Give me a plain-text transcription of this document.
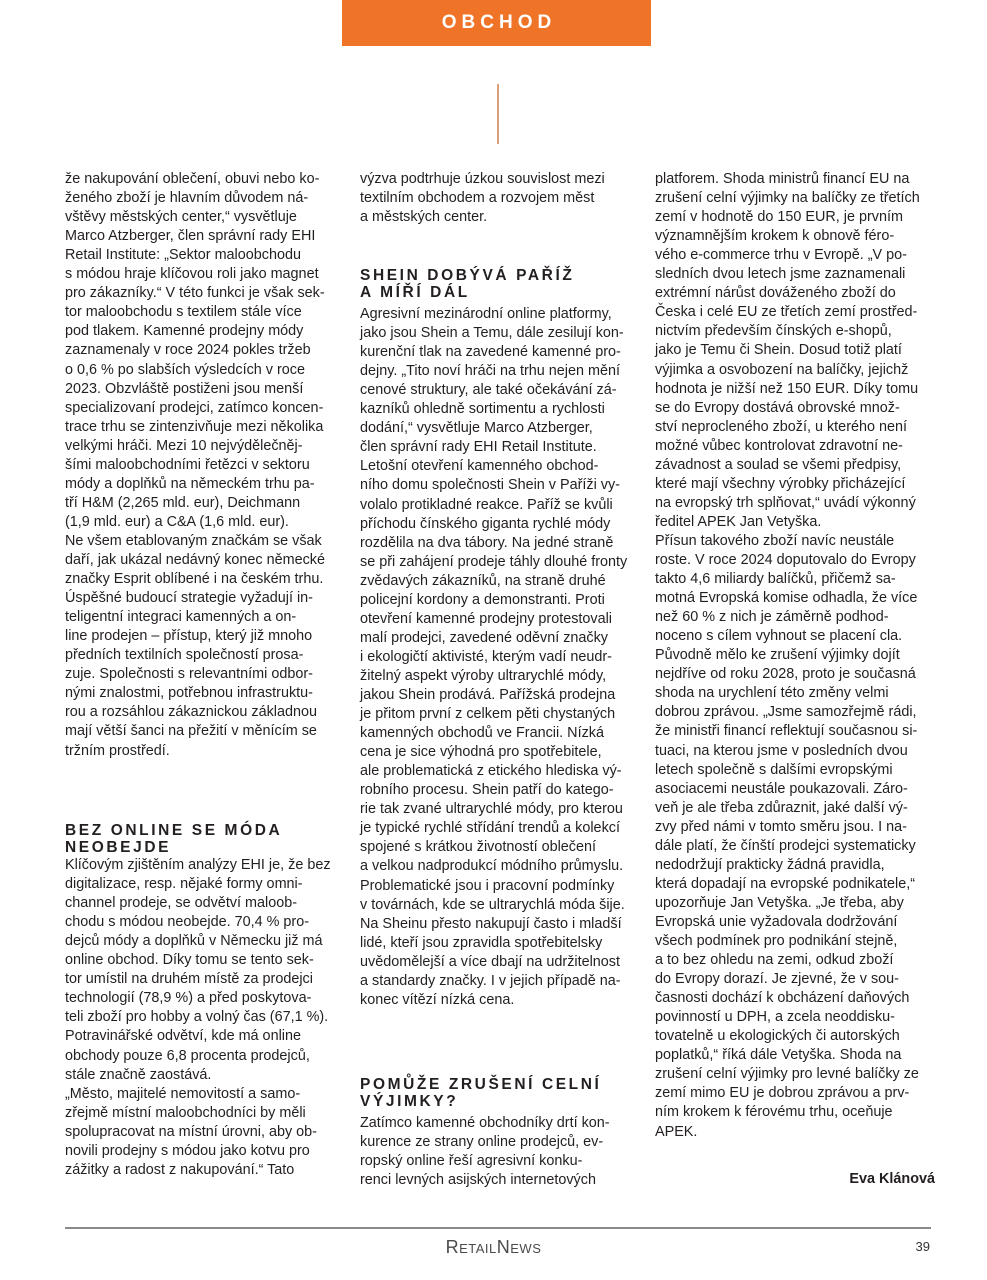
OBCHOD
že nakupování oblečení, obuvi nebo ko-
ženého zboží je hlavním důvodem ná-
vštěvy městských center,“ vysvětluje
Marco Atzberger, člen správní rady EHI
Retail Institute: „Sektor maloobchodu
s módou hraje klíčovou roli jako magnet
pro zákazníky.“ V této funkci je však sek-
tor maloobchodu s textilem stále více
pod tlakem. Kamenné prodejny módy
zaznamenaly v roce 2024 pokles tržeb
o 0,6 % po slabších výsledcích v roce
2023. Obzvláště postiženi jsou menší
specializovaní prodejci, zatímco koncen-
trace trhu se zintenzivňuje mezi několika
velkými hráči. Mezi 10 nejvýdělečněj-
šími maloobchodními řetězci v sektoru
módy a doplňků na německém trhu pa-
tří H&M (2,265 mld. eur), Deichmann
(1,9 mld. eur) a C&A (1,6 mld. eur).
Ne všem etablovaným značkám se však
daří, jak ukázal nedávný konec německé
značky Esprit oblíbené i na českém trhu.
Úspěšné budoucí strategie vyžadují in-
teligentní integraci kamenných a on-
line prodejen – přístup, který již mnoho
předních textilních společností prosa-
zuje. Společnosti s relevantními odbor-
nými znalostmi, potřebnou infrastruktu-
rou a rozsáhlou zákaznickou základnou
mají větší šanci na přežití v měnícím se
tržním prostředí.
BEZ ONLINE SE MÓDA
NEOBEJDE
Klíčovým zjištěním analýzy EHI je, že bez
digitalizace, resp. nějaké formy omni-
channel prodeje, se odvětví maloob-
chodu s módou neobejde. 70,4 % pro-
dejců módy a doplňků v Německu již má
online obchod. Díky tomu se tento sek-
tor umístil na druhém místě za prodejci
technologií (78,9 %) a před poskytova-
teli zboží pro hobby a volný čas (67,1 %).
Potravinářské odvětví, kde má online
obchody pouze 6,8 procenta prodejců,
stále značně zaostává.
„Město, majitelé nemovitostí a samo-
zřejmě místní maloobchodníci by měli
spolupracovat na místní úrovni, aby ob-
novili prodejny s módou jako kotvu pro
zážitky a radost z nakupování.“ Tato
výzva podtrhuje úzkou souvislost mezi
textilním obchodem a rozvojem měst
a městských center.
SHEIN DOBÝVÁ PAŘÍŽ
A MÍŘÍ DÁL
Agresivní mezinárodní online platformy,
jako jsou Shein a Temu, dále zesilují kon-
kurenční tlak na zavedené kamenné pro-
dejny. „Tito noví hráči na trhu nejen mění
cenové struktury, ale také očekávání zá-
kazníků ohledně sortimentu a rychlosti
dodání,“ vysvětluje Marco Atzberger,
člen správní rady EHI Retail Institute.
Letošní otevření kamenného obchod-
ního domu společnosti Shein v Paříži vy-
volalo protikladné reakce. Paříž se kvůli
příchodu čínského giganta rychlé módy
rozdělila na dva tábory. Na jedné straně
se při zahájení prodeje táhly dlouhé fronty
zvědavých zákazníků, na straně druhé
policejní kordony a demonstranti. Proti
otevření kamenné prodejny protestovali
malí prodejci, zavedené oděvní značky
i ekologičtí aktivisté, kterým vadí neudr-
žitelný aspekt výroby ultrarychlé módy,
jakou Shein prodává. Pařížská prodejna
je přitom první z celkem pěti chystaných
kamenných obchodů ve Francii. Nízká
cena je sice výhodná pro spotřebitele,
ale problematická z etického hlediska vý-
robního procesu. Shein patří do katego-
rie tak zvané ultrarychlé módy, pro kterou
je typické rychlé střídání trendů a kolekcí
spojené s krátkou životností oblečení
a velkou nadprodukcí módního průmyslu.
Problematické jsou i pracovní podmínky
v továrnách, kde se ultrarychlá móda šije.
Na Sheinu přesto nakupují často i mladší
lidé, kteří jsou zpravidla spotřebitelsky
uvědomělejší a více dbají na udržitelnost
a standardy značky. I v jejich případě na-
konec vítězí nízká cena.
POMŮŽE ZRUŠENÍ CELNÍ
VÝJIMKY?
Zatímco kamenné obchodníky drtí kon-
kurence ze strany online prodejců, ev-
ropský online řeší agresivní konku-
renci levných asijských internetových	Eva Klánová
platforem. Shoda ministrů financí EU na
zrušení celní výjimky na balíčky ze třetích
zemí v hodnotě do 150 EUR, je prvním
významnějším krokem k obnově féro-
vého e-commerce trhu v Evropě. „V po-
sledních dvou letech jsme zaznamenali
extrémní nárůst dováženého zboží do
Česka i celé EU ze třetích zemí prostřed-
nictvím především čínských e-shopů,
jako je Temu či Shein. Dosud totiž platí
výjimka a osvobození na balíčky, jejichž
hodnota je nižší než 150 EUR. Díky tomu
se do Evropy dostává obrovské množ-
ství neprocleného zboží, u kterého není
možné vůbec kontrolovat zdravotní ne-
závadnost a soulad se všemi předpisy,
které mají všechny výrobky přicházející
na evropský trh splňovat,“ uvádí výkonný
ředitel APEK Jan Vetyška.
Přísun takového zboží navíc neustále
roste. V roce 2024 doputovalo do Evropy
takto 4,6 miliardy balíčků, přičemž sa-
motná Evropská komise odhadla, že více
než 60 % z nich je záměrně podhod-
noceno s cílem vyhnout se placení cla.
Původně mělo ke zrušení výjimky dojít
nejdříve od roku 2028, proto je současná
shoda na urychlení této změny velmi
dobrou zprávou. „Jsme samozřejmě rádi,
že ministři financí reflektují současnou si-
tuaci, na kterou jsme v posledních dvou
letech společně s dalšími evropskými
asociacemi neustále poukazovali. Záro-
veň je ale třeba zdůraznit, jaké další vý-
zvy před námi v tomto směru jsou. I na-
dále platí, že čínští prodejci systematicky
nedodržují prakticky žádná pravidla,
která dopadají na evropské podnikatele,“
upozorňuje Jan Vetyška. „Je třeba, aby
Evropská unie vyžadovala dodržování
všech podmínek pro podnikání stejně,
a to bez ohledu na zemi, odkud zboží
do Evropy dorazí. Je zjevné, že v sou-
časnosti dochází k obcházení daňových
povinností u DPH, a zcela neoddisku-
tovatelně u ekologických či autorských
poplatků,“ říká dále Vetyška. Shoda na
zrušení celní výjimky pro levné balíčky ze
zemí mimo EU je dobrou zprávou a prv-
ním krokem k férovému trhu, oceňuje
APEK.
RETAILNEWS	39
